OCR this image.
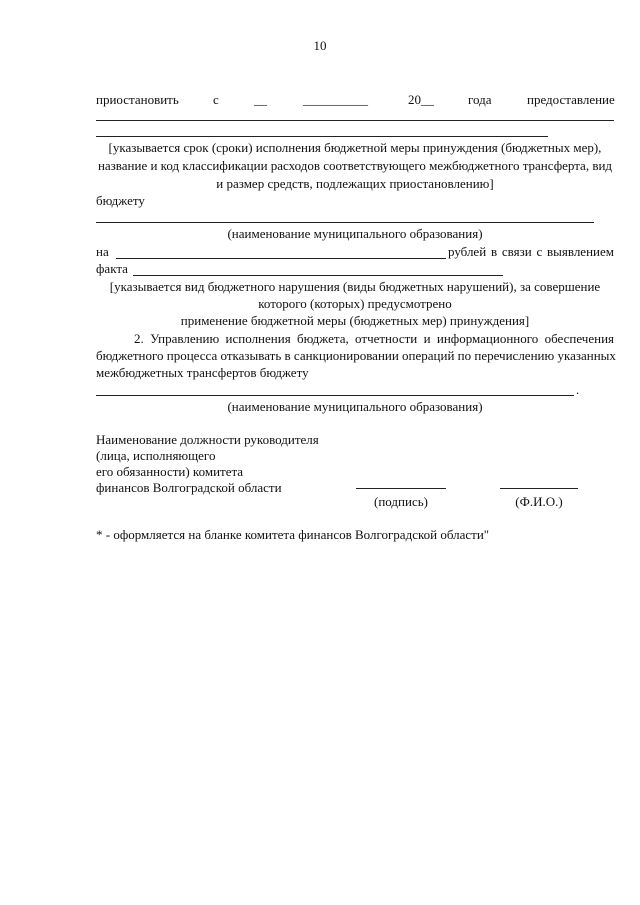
10
приостановить	с	__	__________	20__	года	предоставление
[указывается срок (сроки) исполнения бюджетной меры принуждения (бюджетных мер),
название и код классификации расходов соответствующего межбюджетного трансферта, вид
и размер средств, подлежащих приостановлению]
бюджету
(наименование муниципального образования)
на	рублей в связи с выявлением
факта
[указывается вид бюджетного нарушения (виды бюджетных нарушений), за совершение
которого (которых) предусмотрено
применение бюджетной меры (бюджетных мер) принуждения]
2. Управлению исполнения бюджета, отчетности и информационного обеспечения
бюджетного процесса отказывать в санкционировании операций по перечислению указанных
межбюджетных трансфертов бюджету
.
(наименование муниципального образования)
Наименование должности руководителя
(лица, исполняющего
его обязанности) комитета
финансов Волгоградской области
(подпись)	(Ф.И.О.)
* - оформляется на бланке комитета финансов Волгоградской области"
